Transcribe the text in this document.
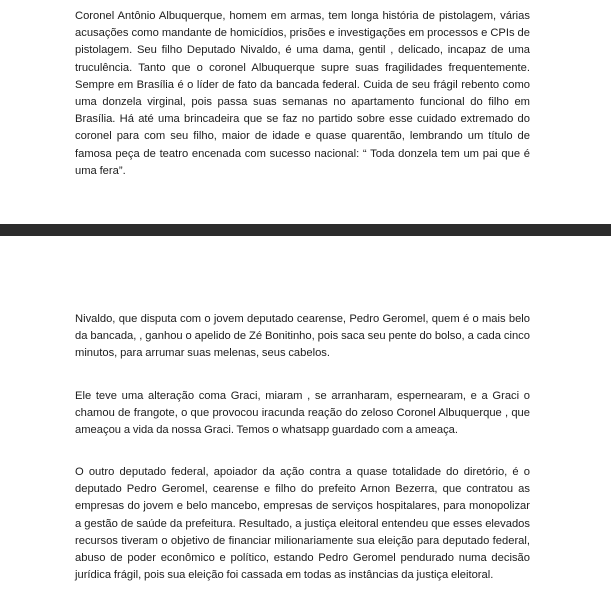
Coronel Antônio Albuquerque, homem em armas, tem longa história de pistolagem, várias acusações como mandante de homicídios, prisões e investigações em processos e CPIs de pistolagem. Seu filho Deputado Nivaldo, é uma dama, gentil , delicado, incapaz de uma truculência. Tanto que o coronel Albuquerque supre suas fragilidades frequentemente. Sempre em Brasília é o líder de fato da bancada federal. Cuida de seu frágil rebento como uma donzela virginal, pois passa suas semanas no apartamento funcional do filho em Brasília. Há até uma brincadeira que se faz no partido sobre esse cuidado extremado do coronel para com seu filho, maior de idade e quase quarentão, lembrando um título de famosa peça de teatro encenada com sucesso nacional: “ Toda donzela tem um pai que é uma fera”.

Nivaldo, que disputa com o jovem deputado cearense, Pedro Geromel, quem é o mais belo da bancada, , ganhou o apelido de Zé Bonitinho, pois saca seu pente do bolso, a cada cinco minutos, para arrumar suas melenas, seus cabelos.

Ele teve uma alteração coma Graci, miaram , se arranharam, espernearam, e a Graci o chamou de frangote, o que provocou iracunda reação do zeloso Coronel Albuquerque , que ameaçou a vida da nossa Graci. Temos o whatsapp guardado com a ameaça.

O outro deputado federal, apoiador da ação contra a quase totalidade do diretório, é o deputado Pedro Geromel, cearense e filho do prefeito Arnon Bezerra, que contratou as empresas do jovem e belo mancebo, empresas de serviços hospitalares, para monopolizar a gestão de saúde da prefeitura. Resultado, a justiça eleitoral entendeu que esses elevados recursos tiveram o objetivo de financiar milionariamente sua eleição para deputado federal, abuso de poder econômico e político, estando Pedro Geromel pendurado numa decisão jurídica frágil, pois sua eleição foi cassada em todas as instâncias da justiça eleitoral.
